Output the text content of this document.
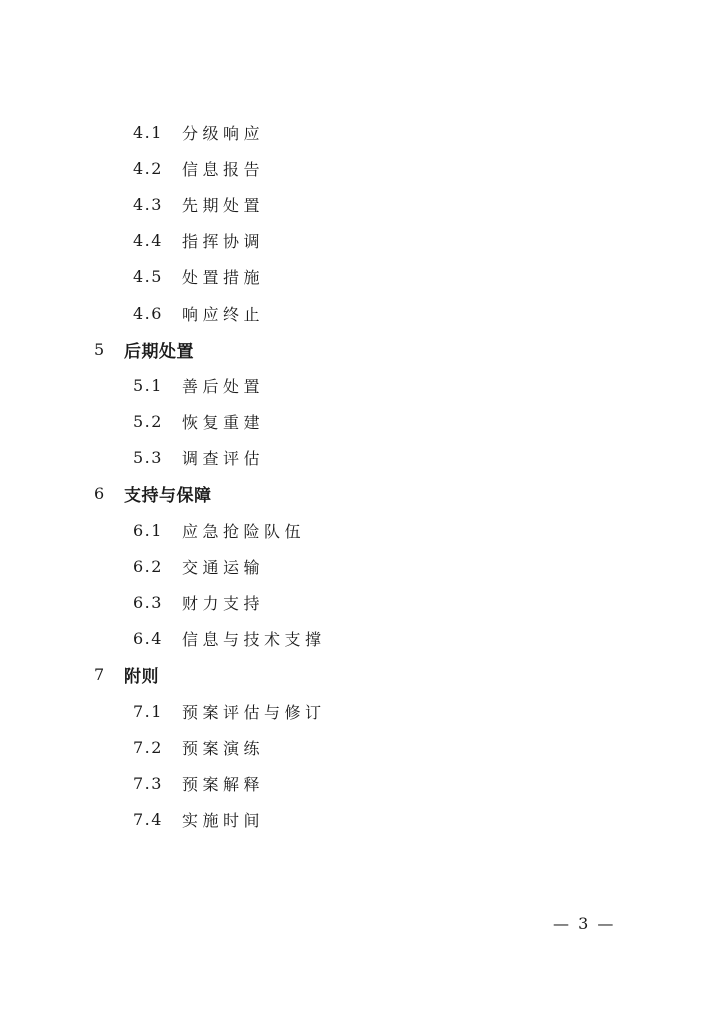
4.1	分级响应
4.2	信息报告
4.3	先期处置
4.4	指挥协调
4.5	处置措施
4.6	响应终止
5	后期处置
5.1	善后处置
5.2	恢复重建
5.3	调查评估
6	支持与保障
6.1	应急抢险队伍
6.2	交通运输
6.3	财力支持
6.4	信息与技术支撑
7	附则
7.1	预案评估与修订
7.2	预案演练
7.3	预案解释
7.4	实施时间
— 3 —
